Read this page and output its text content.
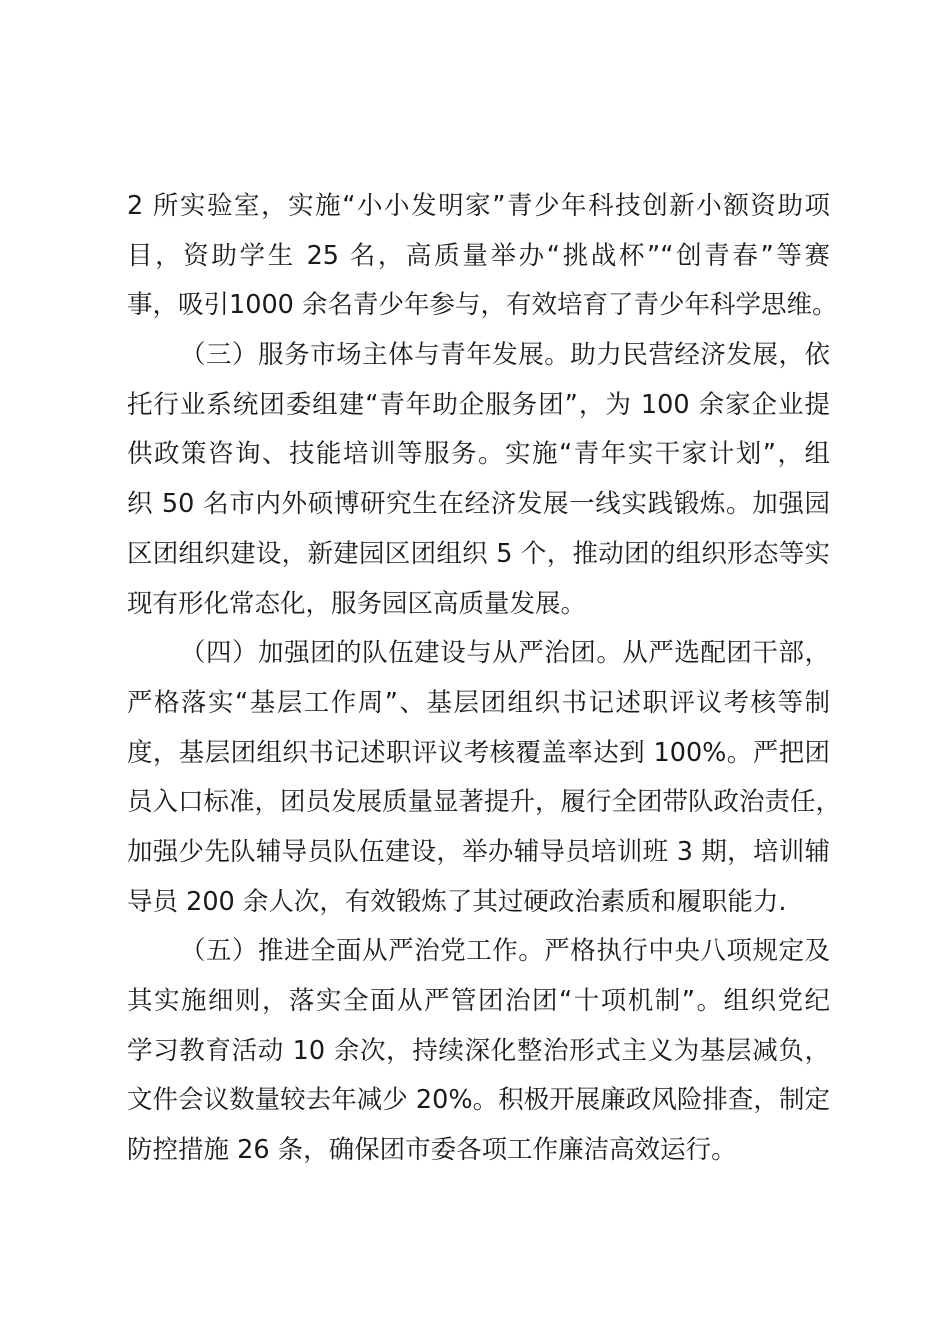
2 所实验室，实施“小小发明家”青少年科技创新小额资助项
目，资助学生 25 名，高质量举办“挑战杯”“创青春”等赛
事，吸引1000 余名青少年参与，有效培育了青少年科学思维。
（三）服务市场主体与青年发展。助力民营经济发展，依
托行业系统团委组建“青年助企服务团”，为 100 余家企业提
供政策咨询、技能培训等服务。实施“青年实干家计划”，组
织 50 名市内外硕博研究生在经济发展一线实践锻炼。加强园
区团组织建设，新建园区团组织 5 个，推动团的组织形态等实
现有形化常态化，服务园区高质量发展。
（四）加强团的队伍建设与从严治团。从严选配团干部，
严格落实“基层工作周”、基层团组织书记述职评议考核等制
度，基层团组织书记述职评议考核覆盖率达到 100%。严把团
员入口标准，团员发展质量显著提升，履行全团带队政治责任，
加强少先队辅导员队伍建设，举办辅导员培训班 3 期，培训辅
导员 200 余人次，有效锻炼了其过硬政治素质和履职能力.
（五）推进全面从严治党工作。严格执行中央八项规定及
其实施细则，落实全面从严管团治团“十项机制”。组织党纪
学习教育活动 10 余次，持续深化整治形式主义为基层减负，
文件会议数量较去年减少 20%。积极开展廉政风险排查，制定
防控措施 26 条，确保团市委各项工作廉洁高效运行。
